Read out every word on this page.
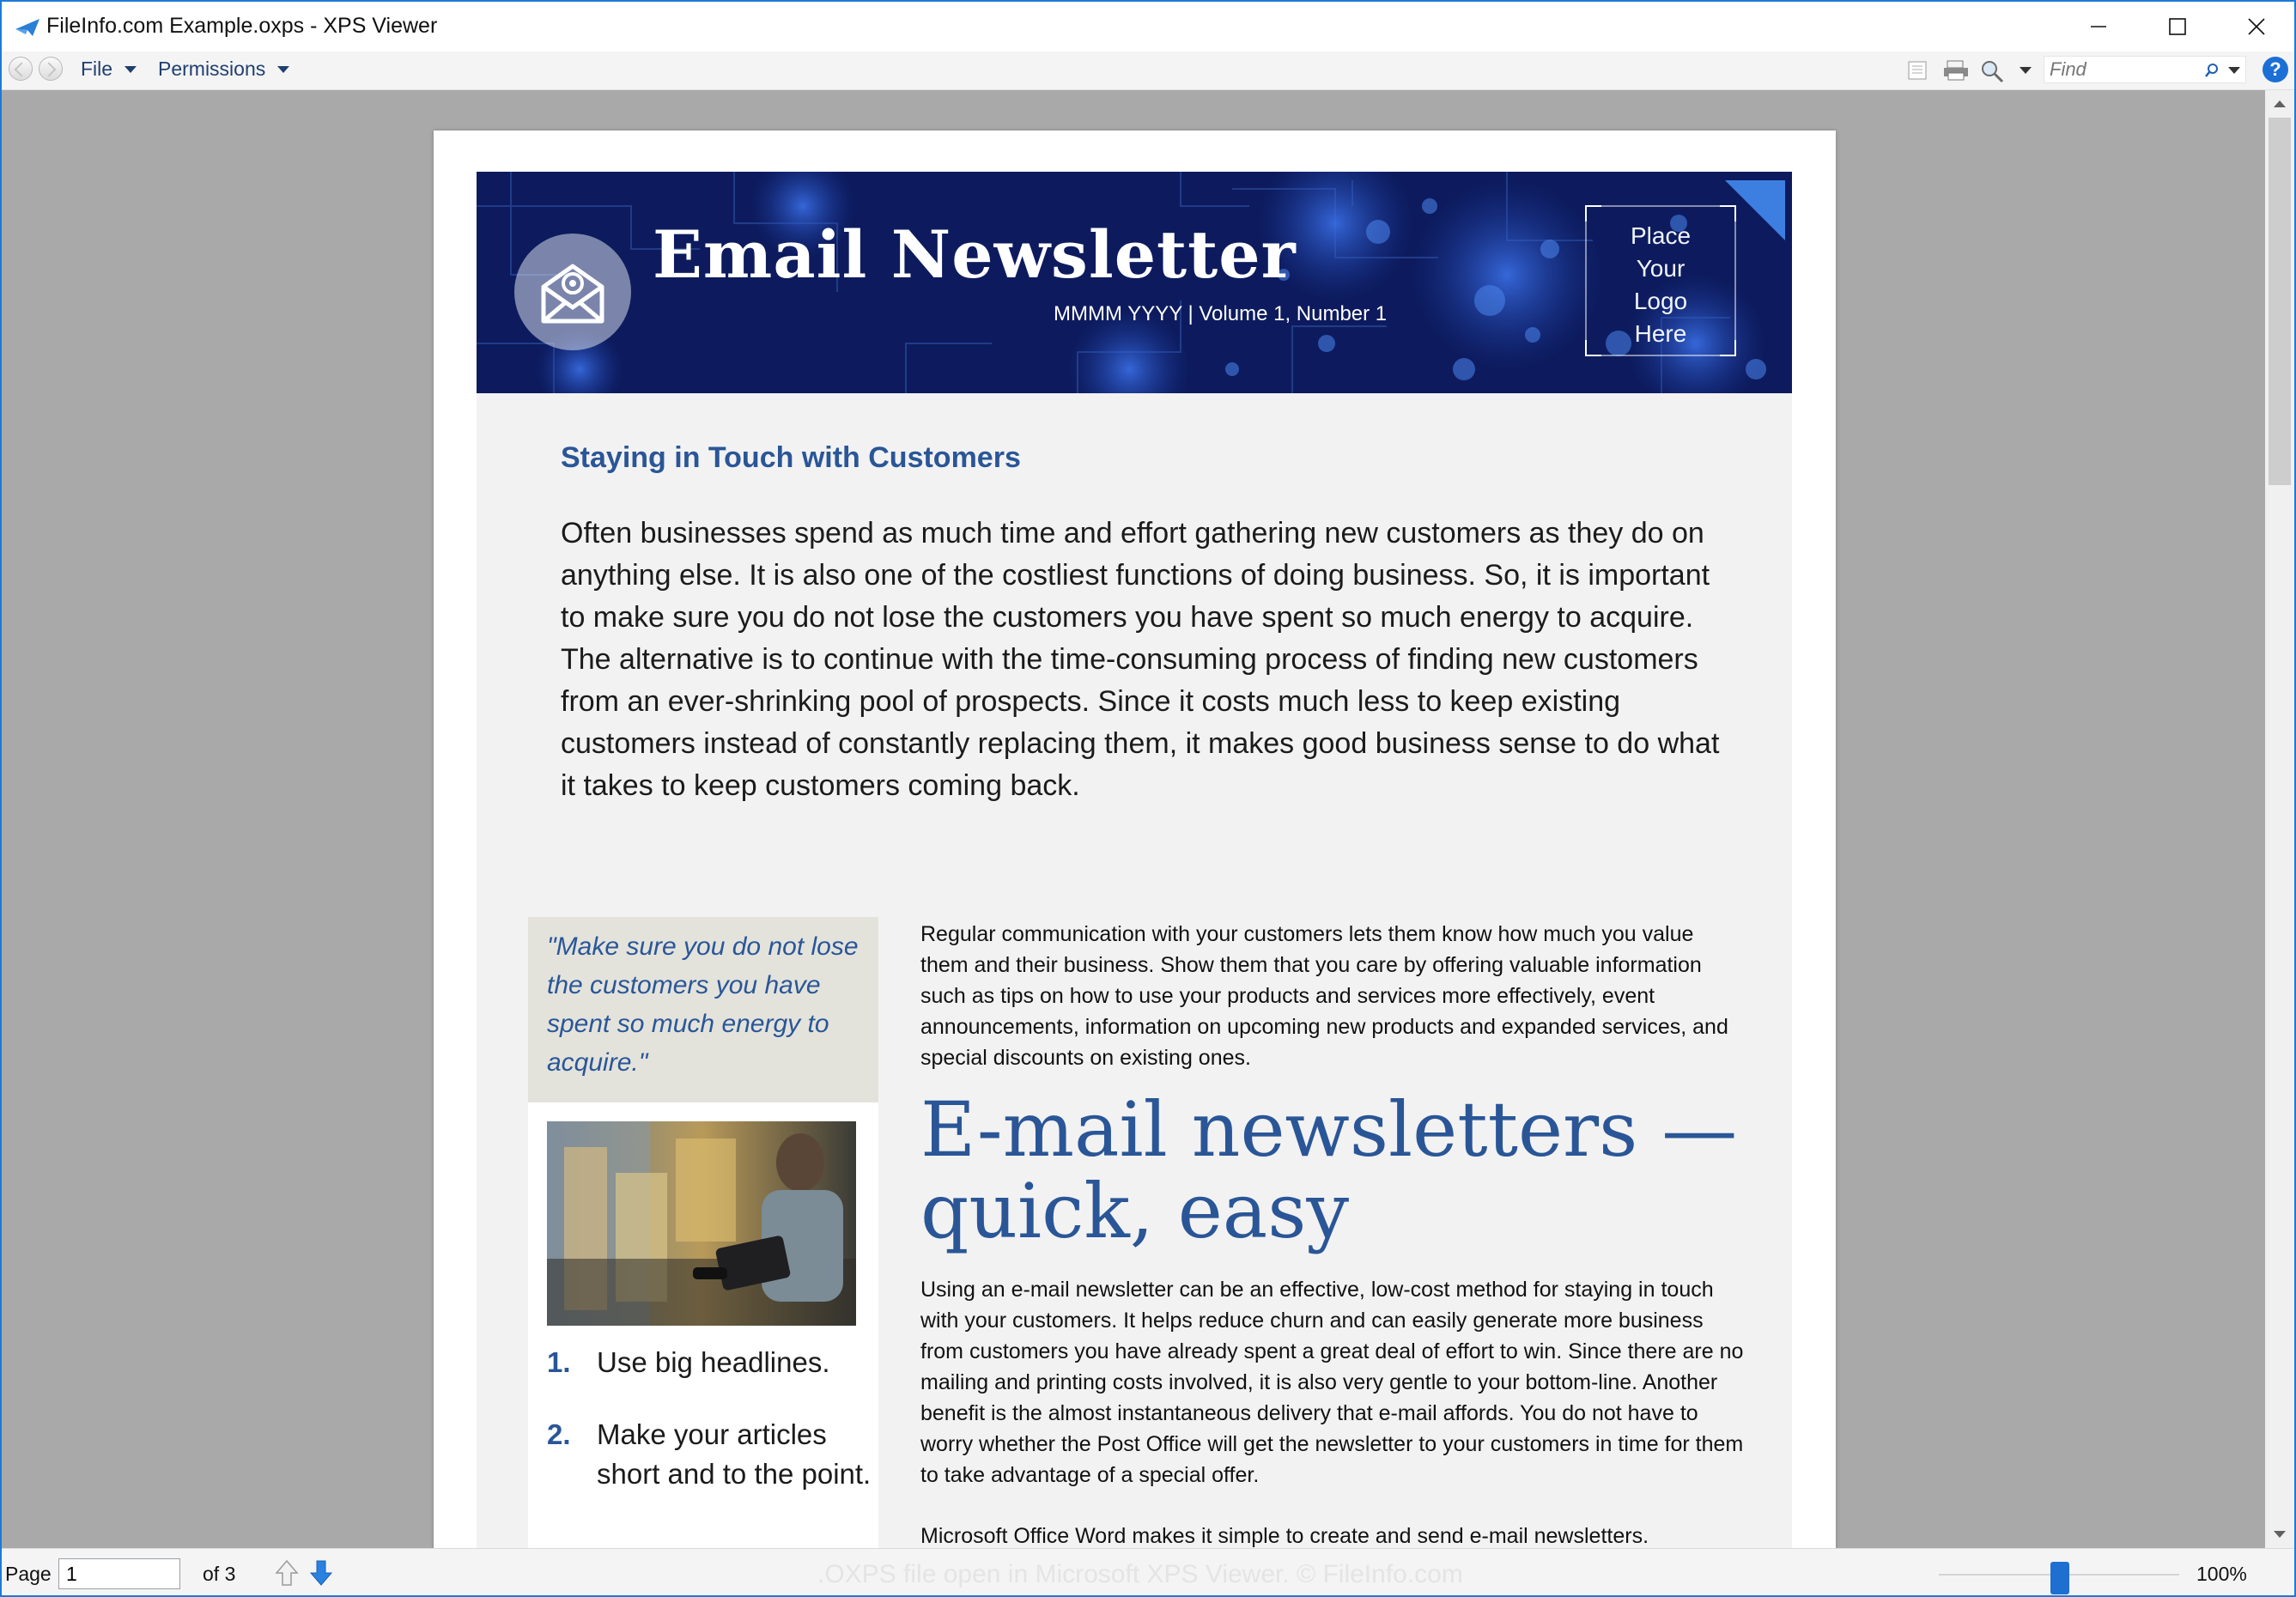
FileInfo.com Example.oxps - XPS Viewer
File Permissions
Find	?
Email Newsletter
MMMM YYYY | Volume 1, Number 1
Place
Your
Logo
Here
Staying in Touch with Customers
Often businesses spend as much time and effort gathering new customers as they do on anything else. It is also one of the costliest functions of doing business. So, it is important to make sure you do not lose the customers you have spent so much energy to acquire. The alternative is to continue with the time-consuming process of finding new customers from an ever-shrinking pool of prospects. Since it costs much less to keep existing customers instead of constantly replacing them, it makes good business sense to do what it takes to keep customers coming back.
"Make sure you do not lose the customers you have spent so much energy to acquire."
1. Use big headlines.
2. Make your articles short and to the point.
Regular communication with your customers lets them know how much you value them and their business. Show them that you care by offering valuable information such as tips on how to use your products and services more effectively, event announcements, information on upcoming new products and expanded services, and special discounts on existing ones.
E-mail newsletters — quick, easy
Using an e-mail newsletter can be an effective, low-cost method for staying in touch with your customers. It helps reduce churn and can easily generate more business from customers you have already spent a great deal of effort to win. Since there are no mailing and printing costs involved, it is also very gentle to your bottom-line. Another benefit is the almost instantaneous delivery that e-mail affords. You do not have to worry whether the Post Office will get the newsletter to your customers in time for them to take advantage of a special offer.
Microsoft Office Word makes it simple to create and send e-mail newsletters.
Page
1	of 3	.OXPS file open in Microsoft XPS Viewer. © FileInfo.com	100%
